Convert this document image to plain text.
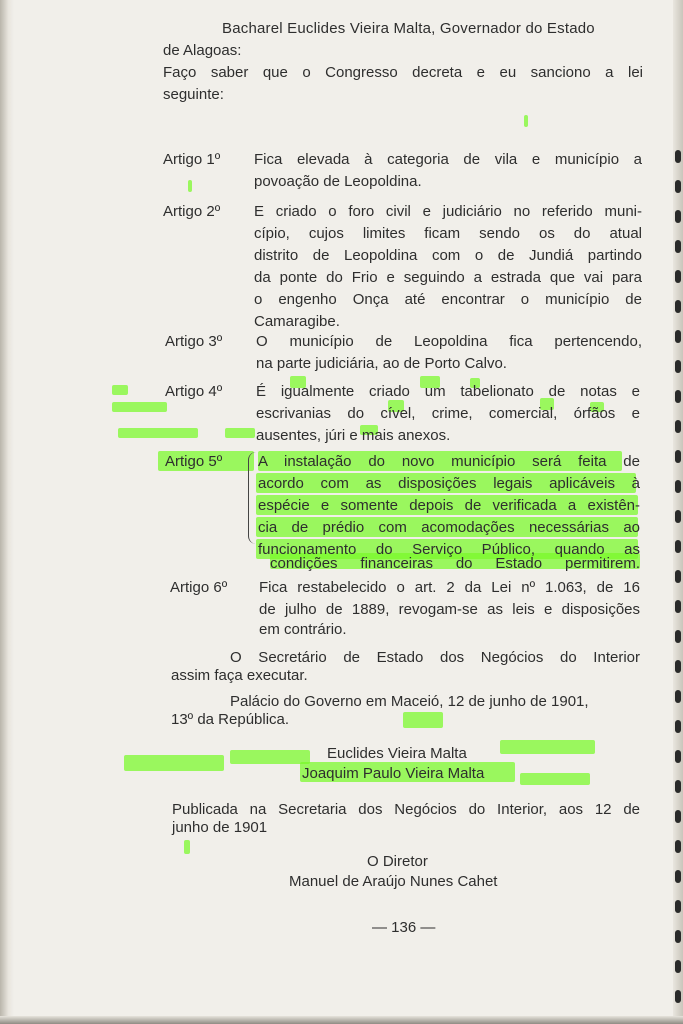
Bacharel Euclides Vieira Malta, Governador do Estado
de Alagoas:
Faço saber que o Congresso decreta e eu sanciono a lei
seguinte:
Artigo 1º Fica elevada à categoria de vila e município a
povoação de Leopoldina.
Artigo 2º E criado o foro civil e judiciário no referido muni-
cípio, cujos limites ficam sendo os do atual
distrito de Leopoldina com o de Jundiá partindo
da ponte do Frio e seguindo a estrada que vai para
o engenho Onça até encontrar o município de
Camaragibe.
Artigo 3º O município de Leopoldina fica pertencendo,
na parte judiciária, ao de Porto Calvo.
Artigo 4º É igualmente criado um tabelionato de notas e
escrivanias do cível, crime, comercial, órfãos e
ausentes, júri e mais anexos.
Artigo 5º A instalação do novo município será feita de
acordo com as disposições legais aplicáveis à
espécie e somente depois de verificada a existên-
cia de prédio com acomodações necessárias ao
funcionamento do Serviço Público, quando as
condições financeiras do Estado permitirem.
Artigo 6º Fica restabelecido o art. 2 da Lei nº 1.063, de 16
de julho de 1889, revogam-se as leis e disposições
em contrário.
O Secretário de Estado dos Negócios do Interior
assim faça executar.
Palácio do Governo em Maceió, 12 de junho de 1901,
13º da República.
Euclides Vieira Malta
Joaquim Paulo Vieira Malta
Publicada na Secretaria dos Negócios do Interior, aos 12 de
junho de 1901
O Diretor
Manuel de Araújo Nunes Cahet
— 136 —
